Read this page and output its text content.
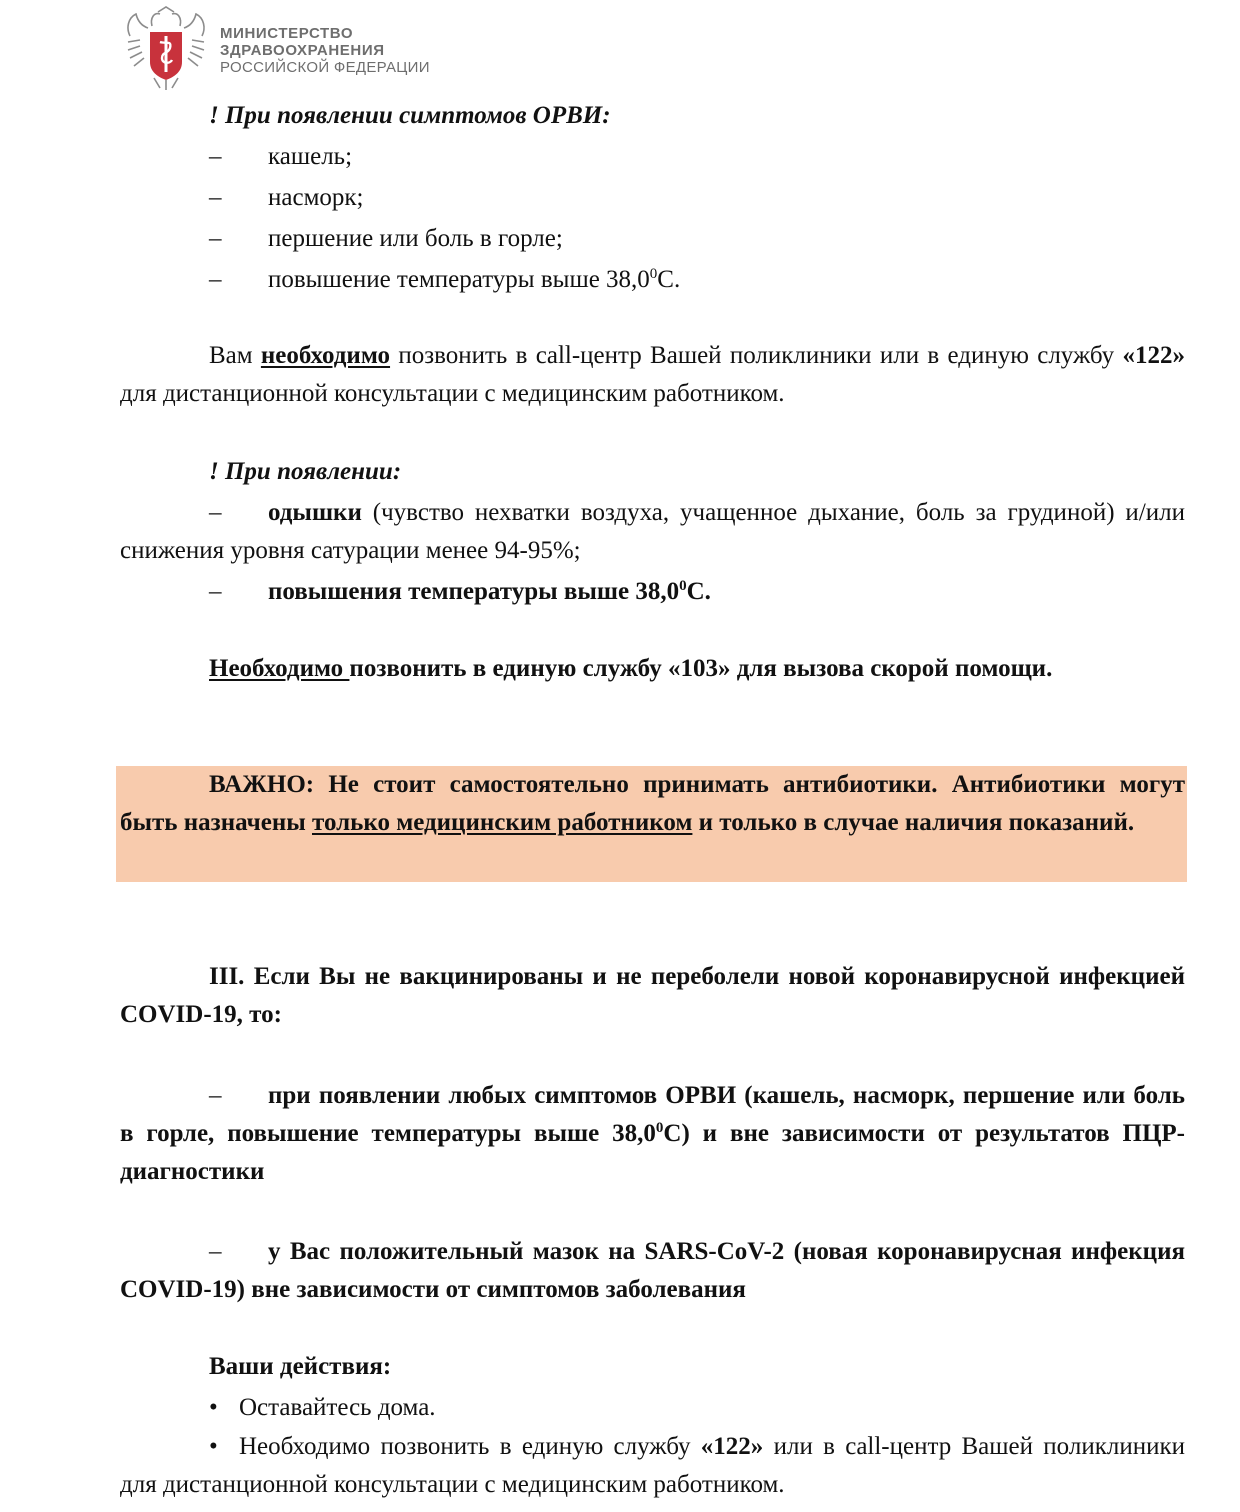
МИНИСТЕРСТВО
ЗДРАВООХРАНЕНИЯ
РОССИЙСКОЙ ФЕДЕРАЦИИ

! При появлении симптомов ОРВИ:

– кашель;

– насморк;

– першение или боль в горле;

– повышение температуры выше 38,0$^0$С.

Вам необходимо позвонить в call-центр Вашей поликлиники или в единую службу «122» для дистанционной консультации с медицинским работником.

! При появлении:

– одышки (чувство нехватки воздуха, учащенное дыхание, боль за грудиной) и/или снижения уровня сатурации менее 94-95%;

– повышения температуры выше 38,0$^0$С.

Необходимо позвонить в единую службу «103» для вызова скорой помощи.

ВАЖНО: Не стоит самостоятельно принимать антибиотики. Антибиотики могут быть назначены только медицинским работником и только в случае наличия показаний.

III. Если Вы не вакцинированы и не переболели новой коронавирусной инфекцией COVID-19, то:

– при появлении любых симптомов ОРВИ (кашель, насморк, першение или боль в горле, повышение температуры выше 38,0$^0$С) и вне зависимости от результатов ПЦР-диагностики

– у Вас положительный мазок на SARS-CoV-2 (новая коронавирусная инфекция COVID-19) вне зависимости от симптомов заболевания

Ваши действия:

• Оставайтесь дома.

• Необходимо позвонить в единую службу «122» или в call-центр Вашей поликлиники для дистанционной консультации с медицинским работником.
